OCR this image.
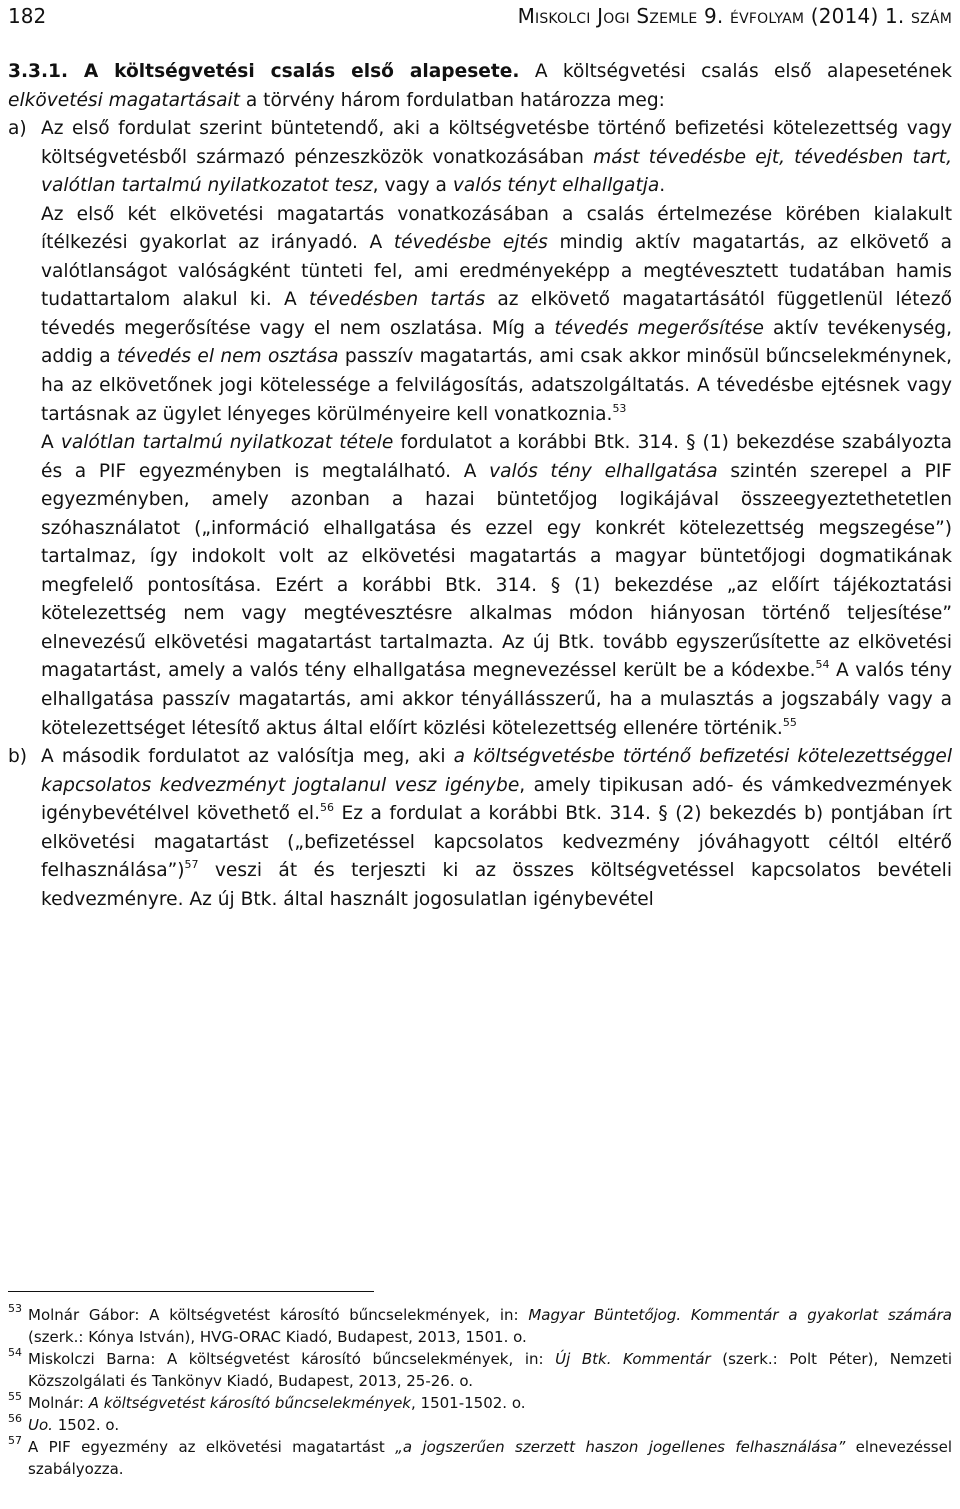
182	Miskolci Jogi Szemle 9. évfolyam (2014) 1. szám

3.3.1. A költségvetési csalás első alapesete. A költségvetési csalás első alapesetének elkövetési magatartásait a törvény három fordulatban határozza meg:

a) Az első fordulat szerint büntetendő, aki a költségvetésbe történő befizetési kötelezettség vagy költségvetésből származó pénzeszközök vonatkozásában mást tévedésbe ejt, tévedésben tart, valótlan tartalmú nyilatkozatot tesz, vagy a valós tényt elhallgatja.

Az első két elkövetési magatartás vonatkozásában a csalás értelmezése körében kialakult ítélkezési gyakorlat az irányadó. A tévedésbe ejtés mindig aktív magatartás, az elkövető a valótlanságot valóságként tünteti fel, ami eredményeképp a megtévesztett tudatában hamis tudattartalom alakul ki. A tévedésben tartás az elkövető magatartásától függetlenül létező tévedés megerősítése vagy el nem oszlatása. Míg a tévedés megerősítése aktív tevékenység, addig a tévedés el nem osztása passzív magatartás, ami csak akkor minősül bűncselekménynek, ha az elkövetőnek jogi kötelessége a felvilágosítás, adatszolgáltatás. A tévedésbe ejtésnek vagy tartásnak az ügylet lényeges körülményeire kell vonatkoznia.$^{53}$

A valótlan tartalmú nyilatkozat tétele fordulatot a korábbi Btk. 314. § (1) bekezdése szabályozta és a PIF egyezményben is megtalálható. A valós tény elhallgatása szintén szerepel a PIF egyezményben, amely azonban a hazai büntetőjog logikájával összeegyeztethetetlen szóhasználatot („információ elhallgatása és ezzel egy konkrét kötelezettség megszegése”) tartalmaz, így indokolt volt az elkövetési magatartás a magyar büntetőjogi dogmatikának megfelelő pontosítása. Ezért a korábbi Btk. 314. § (1) bekezdése „az előírt tájékoztatási kötelezettség nem vagy megtévesztésre alkalmas módon hiányosan történő teljesítése” elnevezésű elkövetési magatartást tartalmazta. Az új Btk. tovább egyszerűsítette az elkövetési magatartást, amely a valós tény elhallgatása megnevezéssel került be a kódexbe.$^{54}$ A valós tény elhallgatása passzív magatartás, ami akkor tényállásszerű, ha a mulasztás a jogszabály vagy a kötelezettséget létesítő aktus által előírt közlési kötelezettség ellenére történik.$^{55}$

b) A második fordulatot az valósítja meg, aki a költségvetésbe történő befizetési kötelezettséggel kapcsolatos kedvezményt jogtalanul vesz igénybe, amely tipikusan adó- és vámkedvezmények igénybevétélvel követhető el.$^{56}$ Ez a fordulat a korábbi Btk. 314. § (2) bekezdés b) pontjában írt elkövetési magatartást („befizetéssel kapcsolatos kedvezmény jóváhagyott céltól eltérő felhasználása”)$^{57}$ veszi át és terjeszti ki az összes költségvetéssel kapcsolatos bevételi kedvezményre. Az új Btk. által használt jogosulatlan igénybevétel

53 Molnár Gábor: A költségvetést károsító bűncselekmények, in: Magyar Büntetőjog. Kommentár a gyakorlat számára (szerk.: Kónya István), HVG-ORAC Kiadó, Budapest, 2013, 1501. o.

54 Miskolczi Barna: A költségvetést károsító bűncselekmények, in: Új Btk. Kommentár (szerk.: Polt Péter), Nemzeti Közszolgálati és Tankönyv Kiadó, Budapest, 2013, 25-26. o.

55 Molnár: A költségvetést károsító bűncselekmények, 1501-1502. o.

56 Uo. 1502. o.

57 A PIF egyezmény az elkövetési magatartást „a jogszerűen szerzett haszon jogellenes felhasználása” elnevezéssel szabályozza.
